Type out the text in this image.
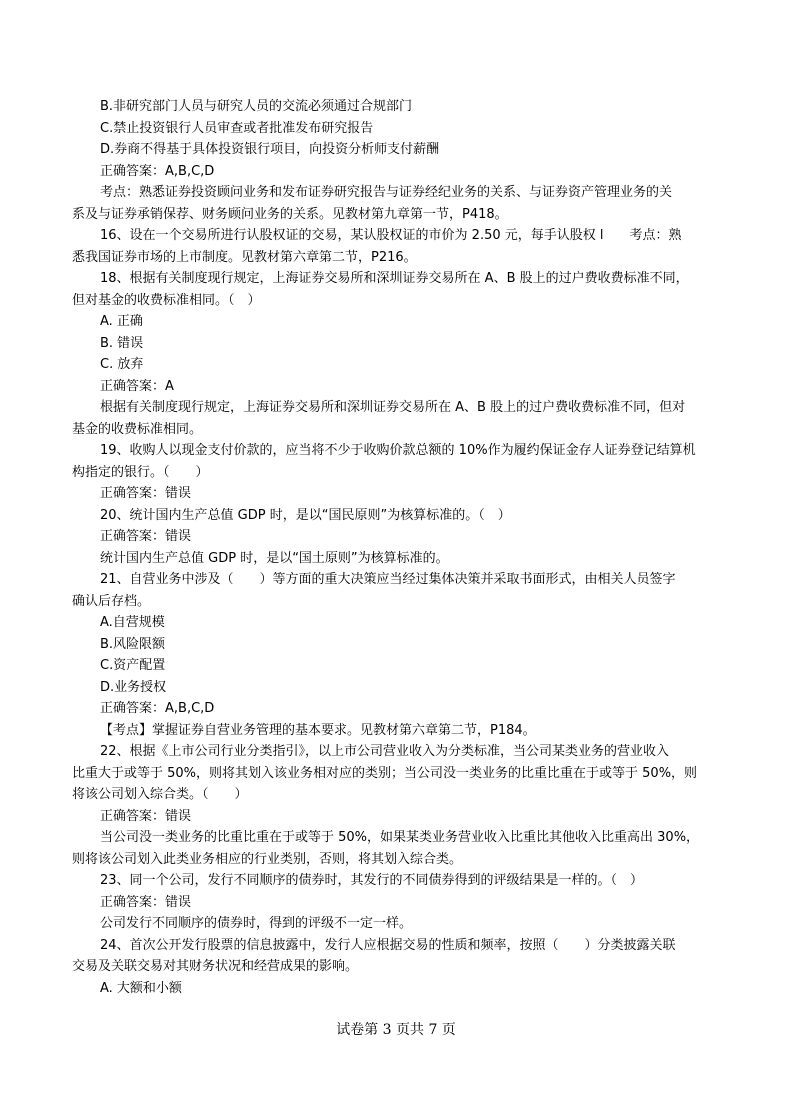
B.非研究部门人员与研究人员的交流必须通过合规部门
C.禁止投资银行人员审查或者批准发布研究报告
D.券商不得基于具体投资银行项目，向投资分析师支付薪酬
正确答案：A,B,C,D
考点：熟悉证券投资顾问业务和发布证券研究报告与证券经纪业务的关系、与证券资产管理业务的关
系及与证券承销保荐、财务顾问业务的关系。见教材第九章第一节，P418。
16、设在一个交易所进行认股权证的交易，某认股权证的市价为 2.50 元，每手认股权 l　　考点：熟
悉我国证券市场的上市制度。见教材第六章第二节，P216。
18、根据有关制度现行规定，上海证券交易所和深圳证券交易所在 A、B 股上的过户费收费标准不同，
但对基金的收费标准相同。（　）
A. 正确
B. 错误
C. 放弃
正确答案：A
根据有关制度现行规定，上海证券交易所和深圳证券交易所在 A、B 股上的过户费收费标准不同，但对
基金的收费标准相同。
19、收购人以现金支付价款的，应当将不少于收购价款总额的 10%作为履约保证金存人证券登记结算机
构指定的银行。（　　）
正确答案：错误
20、统计国内生产总值 GDP 时，是以“国民原则”为核算标准的。（　）
正确答案：错误
统计国内生产总值 GDP 时，是以“国土原则”为核算标准的。
21、自营业务中涉及（　　）等方面的重大决策应当经过集体决策并采取书面形式，由相关人员签字
确认后存档。
A.自营规模
B.风险限额
C.资产配置
D.业务授权
正确答案：A,B,C,D
【考点】掌握证券自营业务管理的基本要求。见教材第六章第二节，P184。
22、根据《上市公司行业分类指引》，以上市公司营业收入为分类标准，当公司某类业务的营业收入
比重大于或等于 50%，则将其划入该业务相对应的类别；当公司没一类业务的比重比重在于或等于 50%，则
将该公司划入综合类。（　　）
正确答案：错误
当公司没一类业务的比重比重在于或等于 50%，如果某类业务营业收入比重比其他收入比重高出 30%，
则将该公司划入此类业务相应的行业类别，否则，将其划入综合类。
23、同一个公司，发行不同顺序的债券时，其发行的不同债券得到的评级结果是一样的。（　）
正确答案：错误
公司发行不同顺序的债券时，得到的评级不一定一样。
24、首次公开发行股票的信息披露中，发行人应根据交易的性质和频率，按照（　　）分类披露关联
交易及关联交易对其财务状况和经营成果的影响。
A. 大额和小额
试卷第 3 页共 7 页
